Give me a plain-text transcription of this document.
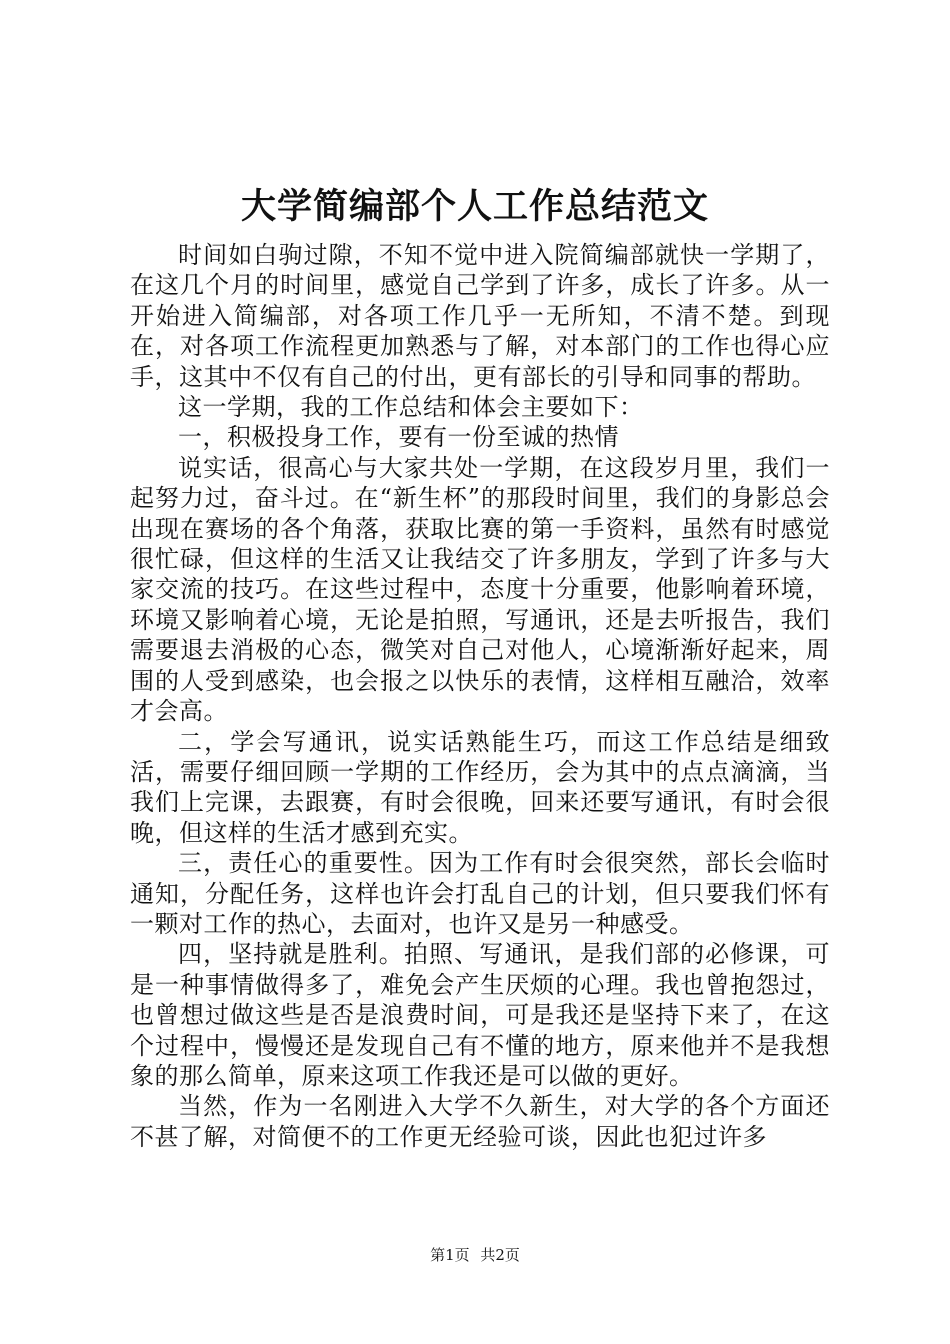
大学简编部个人工作总结范文

时间如白驹过隙，不知不觉中进入院简编部就快一学期了，在这几个月的时间里，感觉自己学到了许多，成长了许多。从一开始进入简编部，对各项工作几乎一无所知，不清不楚。到现在，对各项工作流程更加熟悉与了解，对本部门的工作也得心应手，这其中不仅有自己的付出，更有部长的引导和同事的帮助。

这一学期，我的工作总结和体会主要如下：

一，积极投身工作，要有一份至诚的热情

说实话，很高心与大家共处一学期，在这段岁月里，我们一起努力过，奋斗过。在“新生杯”的那段时间里，我们的身影总会出现在赛场的各个角落，获取比赛的第一手资料，虽然有时感觉很忙碌，但这样的生活又让我结交了许多朋友，学到了许多与大家交流的技巧。在这些过程中，态度十分重要，他影响着环境，环境又影响着心境，无论是拍照，写通讯，还是去听报告，我们需要退去消极的心态，微笑对自己对他人，心境渐渐好起来，周围的人受到感染，也会报之以快乐的表情，这样相互融洽，效率才会高。

二，学会写通讯，说实话熟能生巧，而这工作总结是细致活，需要仔细回顾一学期的工作经历，会为其中的点点滴滴，当我们上完课，去跟赛，有时会很晚，回来还要写通讯，有时会很晚，但这样的生活才感到充实。

三，责任心的重要性。因为工作有时会很突然，部长会临时通知，分配任务，这样也许会打乱自己的计划，但只要我们怀有一颗对工作的热心，去面对，也许又是另一种感受。

四，坚持就是胜利。拍照、写通讯，是我们部的必修课，可是一种事情做得多了，难免会产生厌烦的心理。我也曾抱怨过，也曾想过做这些是否是浪费时间，可是我还是坚持下来了，在这个过程中，慢慢还是发现自己有不懂的地方，原来他并不是我想象的那么简单，原来这项工作我还是可以做的更好。

当然，作为一名刚进入大学不久新生，对大学的各个方面还不甚了解，对简便不的工作更无经验可谈，因此也犯过许多

第1页 共2页
